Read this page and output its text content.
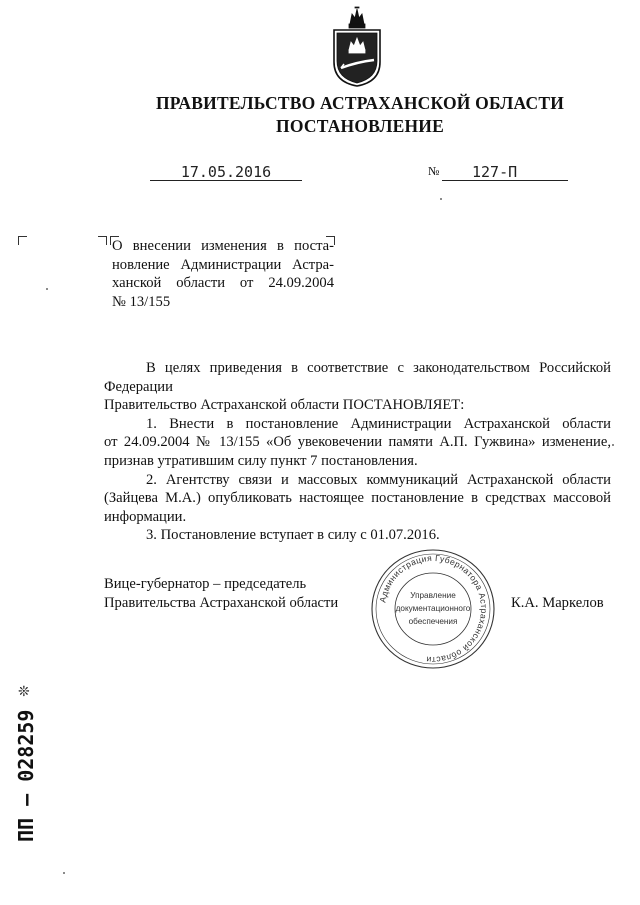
ПРАВИТЕЛЬСТВО АСТРАХАНСКОЙ ОБЛАСТИ
ПОСТАНОВЛЕНИЕ
17.05.2016	№	127-П
О внесении изменения в поста-
новление Администрации Астра-
ханской области от 24.09.2004
№ 13/155
В целях приведения в соответствие с законодательством Российской
Федерации
Правительство Астраханской области ПОСТАНОВЛЯЕТ:
1. Внести в постановление Администрации Астраханской области
от 24.09.2004 № 13/155 «Об увековечении памяти А.П. Гужвина» изменение,
признав утратившим силу пункт 7 постановления.
2. Агентству связи и массовых коммуникаций Астраханской области
(Зайцева М.А.) опубликовать настоящее постановление в средствах массовой
информации.
3. Постановление вступает в силу с 01.07.2016.
Вице-губернатор – председатель
Правительства Астраханской области	К.А. Маркелов
Администрация Губернатора Астраханской области
Управление
документационного
обеспечения
❊
ПП – 028259
